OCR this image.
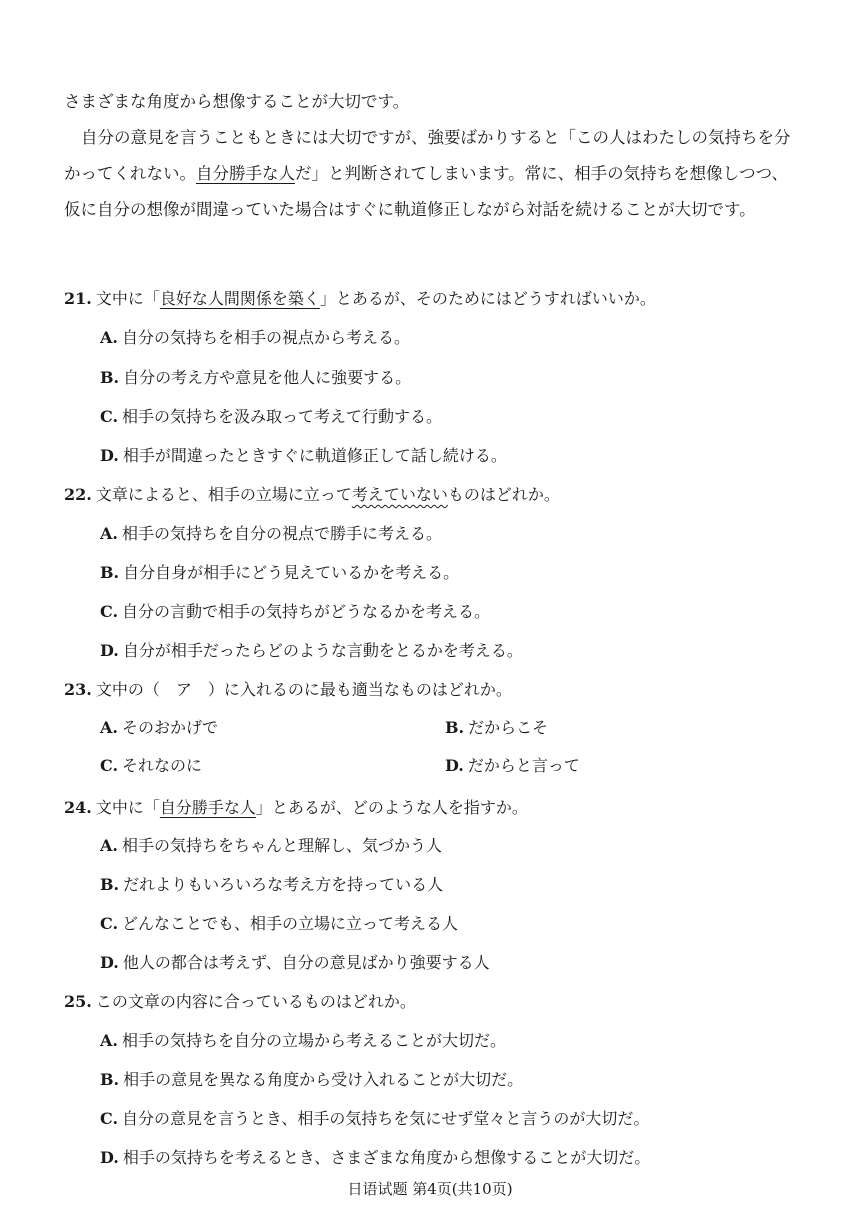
さまざまな角度から想像することが大切です。

自分の意見を言うこともときには大切ですが、強要ばかりすると「この人はわたしの気持ちを分かってくれない。自分勝手な人だ」と判断されてしまいます。常に、相手の気持ちを想像しつつ、仮に自分の想像が間違っていた場合はすぐに軌道修正しながら対話を続けることが大切です。

21. 文中に「良好な人間関係を築く」とあるが、そのためにはどうすればいいか。
A. 自分の気持ちを相手の視点から考える。
B. 自分の考え方や意見を他人に強要する。
C. 相手の気持ちを汲み取って考えて行動する。
D. 相手が間違ったときすぐに軌道修正して話し続ける。
22. 文章によると、相手の立場に立って考えていないものはどれか。
A. 相手の気持ちを自分の視点で勝手に考える。
B. 自分自身が相手にどう見えているかを考える。
C. 自分の言動で相手の気持ちがどうなるかを考える。
D. 自分が相手だったらどのような言動をとるかを考える。
23. 文中の（　ア　）に入れるのに最も適当なものはどれか。
A. そのおかげで	B. だからこそ
C. それなのに	D. だからと言って
24. 文中に「自分勝手な人」とあるが、どのような人を指すか。
A. 相手の気持ちをちゃんと理解し、気づかう人
B. だれよりもいろいろな考え方を持っている人
C. どんなことでも、相手の立場に立って考える人
D. 他人の都合は考えず、自分の意見ばかり強要する人
25. この文章の内容に合っているものはどれか。
A. 相手の気持ちを自分の立場から考えることが大切だ。
B. 相手の意見を異なる角度から受け入れることが大切だ。
C. 自分の意見を言うとき、相手の気持ちを気にせず堂々と言うのが大切だ。
D. 相手の気持ちを考えるとき、さまざまな角度から想像することが大切だ。
日语试题 第4页(共10页)
